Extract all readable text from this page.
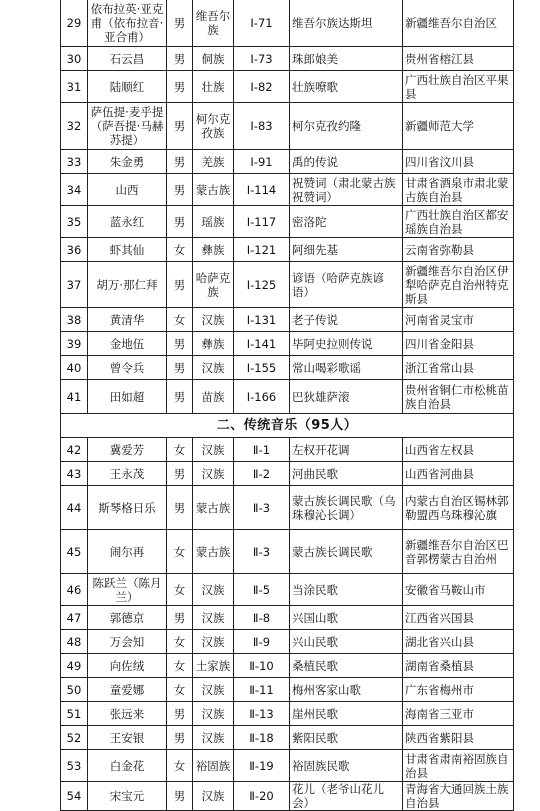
29	依布拉英·亚克甫（依布拉音·亚合甫）	男	维吾尔族	Ⅰ-71	维吾尔族达斯坦	新疆维吾尔自治区
30	石云昌	男	侗族	Ⅰ-73	珠郎娘美	贵州省榕江县
31	陆顺红	男	壮族	Ⅰ-82	壮族嘹歌	广西壮族自治区平果县
32	萨伍提·麦乎提（萨吾提·马赫苏提）	男	柯尔克孜族	Ⅰ-83	柯尔克孜约隆	新疆师范大学
33	朱金勇	男	羌族	Ⅰ-91	禹的传说	四川省汶川县
34	山西	男	蒙古族	Ⅰ-114	祝赞词（肃北蒙古族祝赞词）	甘肃省酒泉市肃北蒙古族自治县
35	蓝永红	男	瑶族	Ⅰ-117	密洛陀	广西壮族自治区都安瑶族自治县
36	虾其仙	女	彝族	Ⅰ-121	阿细先基	云南省弥勒县
37	胡万·那仁拜	男	哈萨克族	Ⅰ-125	谚语（哈萨克族谚语）	新疆维吾尔自治区伊犁哈萨克自治州特克斯县
38	黄清华	女	汉族	Ⅰ-131	老子传说	河南省灵宝市
39	金地伍	男	彝族	Ⅰ-141	毕阿史拉则传说	四川省金阳县
40	曾令兵	男	汉族	Ⅰ-155	常山喝彩歌谣	浙江省常山县
41	田如超	男	苗族	Ⅰ-166	巴狄雄萨滚	贵州省铜仁市松桃苗族自治县
二、传统音乐（95人）						
42	冀爱芳	女	汉族	Ⅱ-1	左权开花调	山西省左权县
43	王永茂	男	汉族	Ⅱ-2	河曲民歌	山西省河曲县
44	斯琴格日乐	男	蒙古族	Ⅱ-3	蒙古族长调民歌（乌珠穆沁长调）	内蒙古自治区锡林郭勒盟西乌珠穆沁旗
45	闹尔再	女	蒙古族	Ⅱ-3	蒙古族长调民歌	新疆维吾尔自治区巴音郭楞蒙古自治州
46	陈跃兰（陈月兰）	女	汉族	Ⅱ-5	当涂民歌	安徽省马鞍山市
47	郭德京	男	汉族	Ⅱ-8	兴国山歌	江西省兴国县
48	万会知	女	汉族	Ⅱ-9	兴山民歌	湖北省兴山县
49	向佐绒	女	土家族	Ⅱ-10	桑植民歌	湖南省桑植县
50	童爱娜	女	汉族	Ⅱ-11	梅州客家山歌	广东省梅州市
51	张远来	男	汉族	Ⅱ-13	崖州民歌	海南省三亚市
52	王安银	男	汉族	Ⅱ-18	紫阳民歌	陕西省紫阳县
53	白金花	女	裕固族	Ⅱ-19	裕固族民歌	甘肃省肃南裕固族自治县
54	宋宝元	男	汉族	Ⅱ-20	花儿（老爷山花儿会）	青海省大通回族土族自治县
